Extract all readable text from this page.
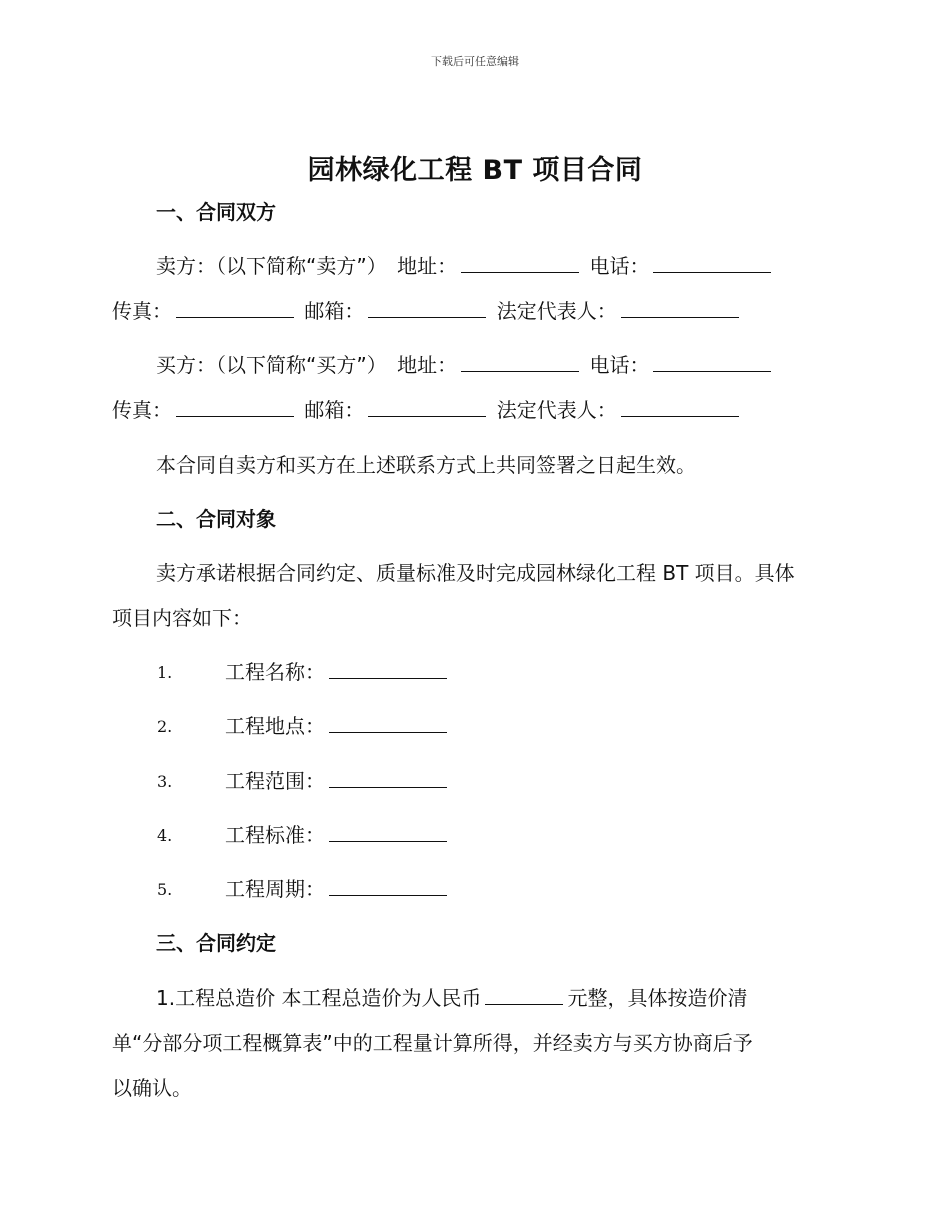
下载后可任意编辑
园林绿化工程 BT 项目合同
一、合同双方
卖方：（以下简称“卖方”） 地址：	电话：
传真：	邮箱：	法定代表人：
买方：（以下简称“买方”） 地址：	电话：
传真：	邮箱：	法定代表人：
本合同自卖方和买方在上述联系方式上共同签署之日起生效。
二、合同对象
卖方承诺根据合同约定、质量标准及时完成园林绿化工程 BT 项目。具体
项目内容如下：
1.	工程名称：
2.	工程地点：
3.	工程范围：
4.	工程标准：
5.	工程周期：
三、合同约定
1.工程总造价 本工程总造价为人民币	元整，具体按造价清
单“分部分项工程概算表”中的工程量计算所得，并经卖方与买方协商后予
以确认。
